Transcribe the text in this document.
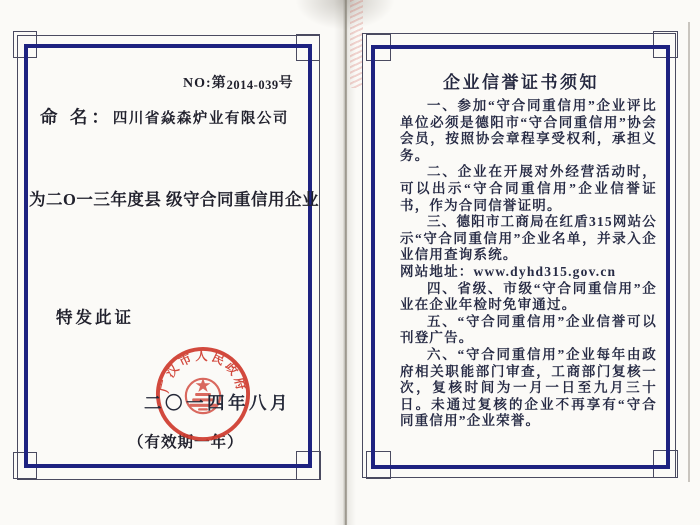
NO:第2014-039号
命 名： 四川省焱森炉业有限公司
为二O一三年度县 级守合同重信用企业
特发此证
广汉市人民政府
二〇一四年八月
（有效期一年）
企业信誉证书须知

一、参加“守合同重信用”企业评比单位必须是德阳市“守合同重信用”协会会员，按照协会章程享受权利，承担义务。

二、企业在开展对外经营活动时，可以出示“守合同重信用”企业信誉证书，作为合同信誉证明。

三、德阳市工商局在红盾315网站公示“守合同重信用”企业名单，并录入企业信用查询系统。

网站地址：www.dyhd315.gov.cn

四、省级、市级“守合同重信用”企业在企业年检时免审通过。

五、“守合同重信用”企业信誉可以刊登广告。

六、“守合同重信用”企业每年由政府相关职能部门审查，工商部门复核一次，复核时间为一月一日至九月三十日。未通过复核的企业不再享有“守合同重信用”企业荣誉。
